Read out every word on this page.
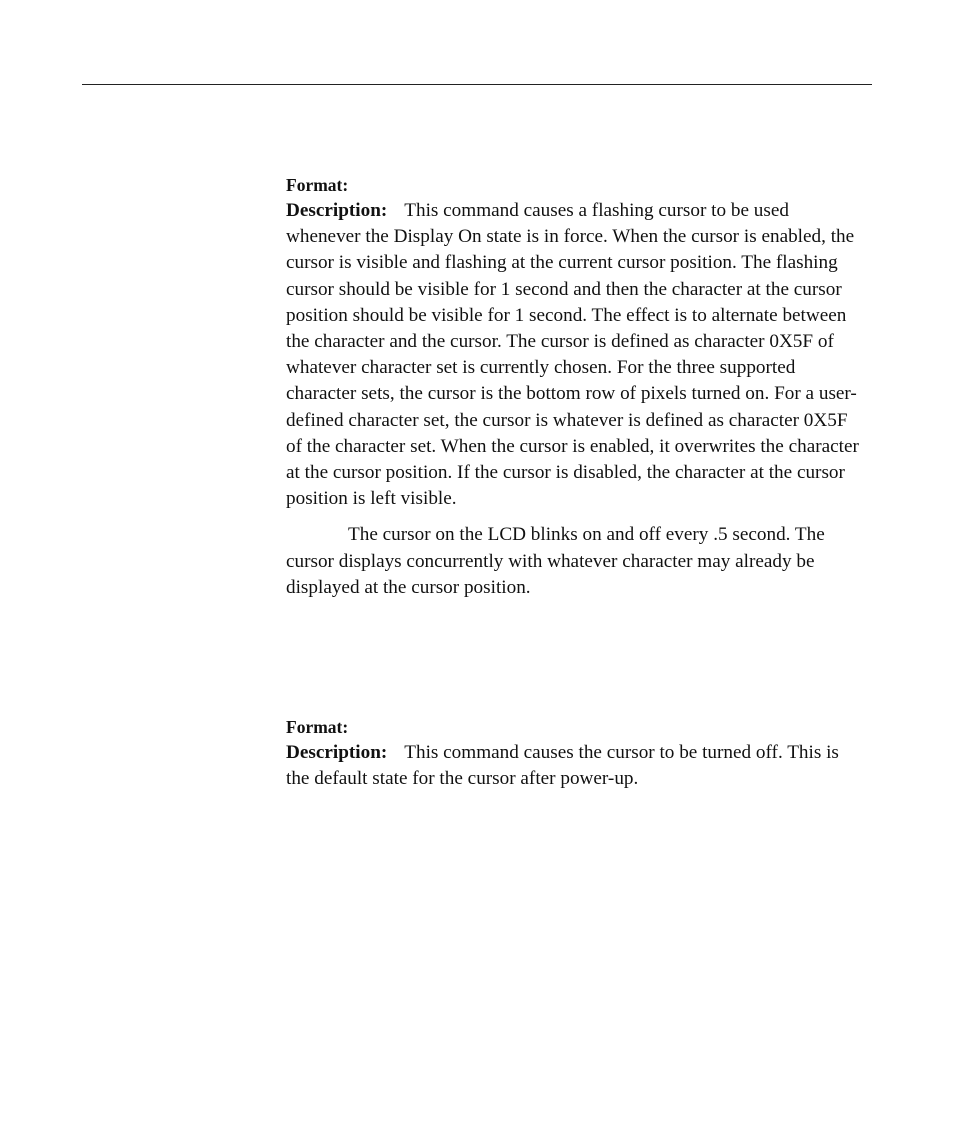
Format:

Description: This command causes a flashing cursor to be used whenever the Display On state is in force. When the cursor is enabled, the cursor is visible and flashing at the current cursor position. The flashing cursor should be visible for 1 second and then the character at the cursor position should be visible for 1 second. The effect is to alternate between the character and the cursor. The cursor is defined as character 0X5F of whatever character set is currently chosen. For the three supported character sets, the cursor is the bottom row of pixels turned on. For a user-defined character set, the cursor is whatever is defined as character 0X5F of the character set. When the cursor is enabled, it overwrites the character at the cursor position. If the cursor is disabled, the character at the cursor position is left visible.

The cursor on the LCD blinks on and off every .5 second. The cursor displays concurrently with whatever character may already be displayed at the cursor position.

Format:

Description: This command causes the cursor to be turned off. This is the default state for the cursor after power-up.
